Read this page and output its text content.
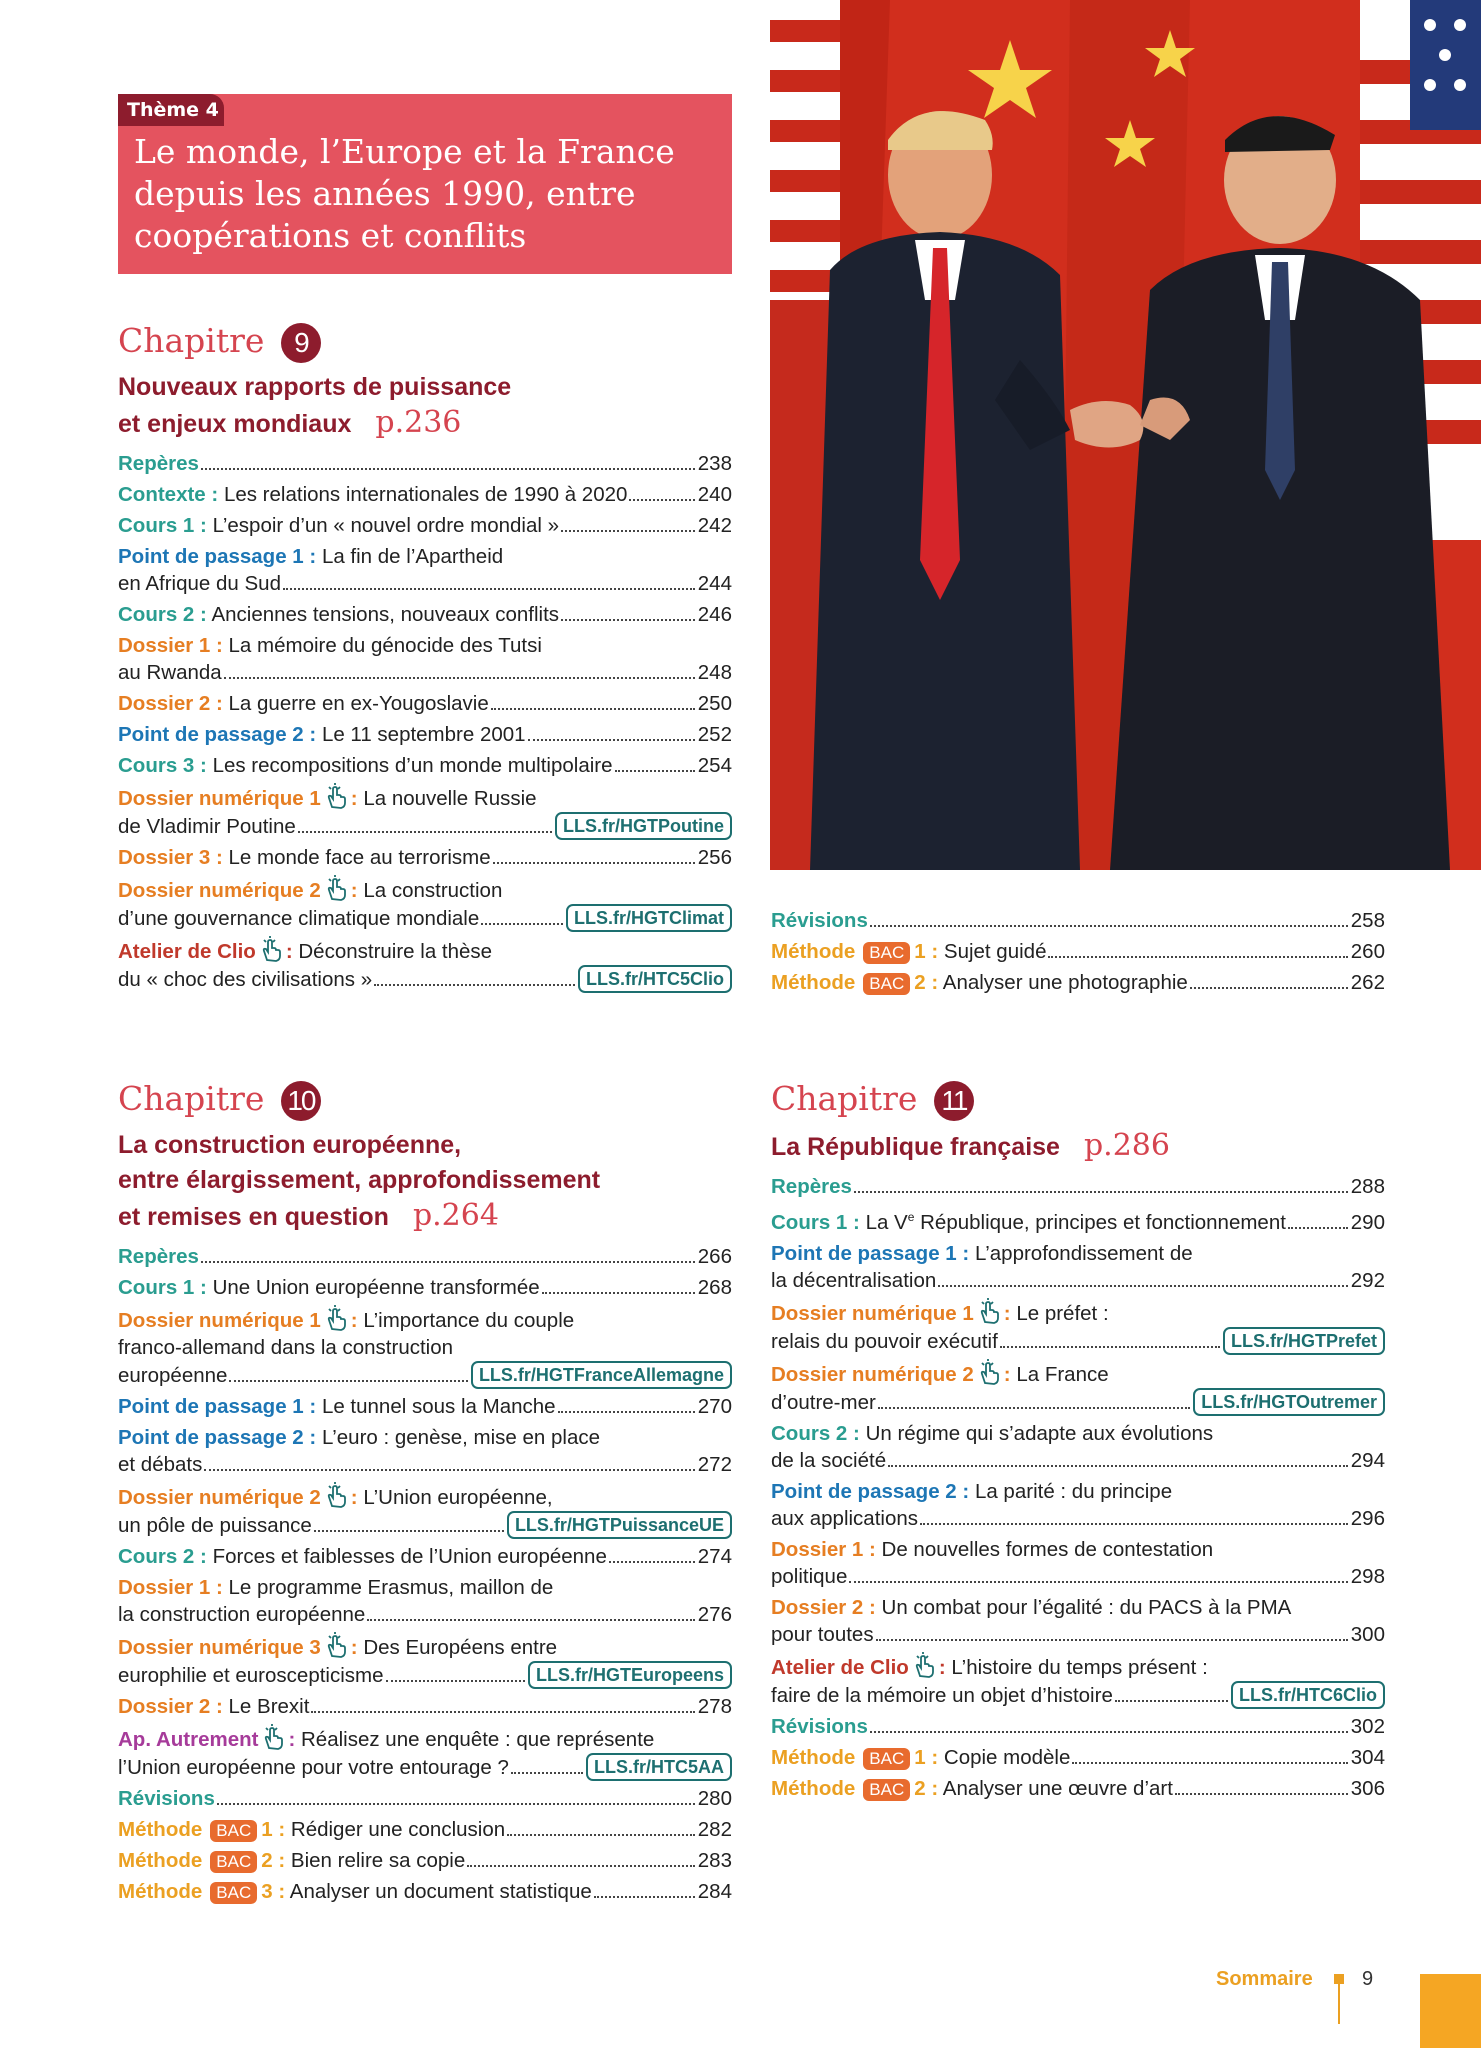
Thème 4
Le monde, l’Europe et la France depuis les années 1990, entre coopérations et conflits
Chapitre 9
Nouveaux rapports de puissance
et enjeux mondiaux p.236
Repères	238
Contexte : Les relations internationales de 1990 à 2020	240
Cours 1 : L’espoir d’un « nouvel ordre mondial »	242
Point de passage 1 : La fin de l’Apartheid
en Afrique du Sud	244
Cours 2 : Anciennes tensions, nouveaux conflits	246
Dossier 1 : La mémoire du génocide des Tutsi
au Rwanda	248
Dossier 2 : La guerre en ex-Yougoslavie	250
Point de passage 2 : Le 11 septembre 2001	252
Cours 3 : Les recompositions d’un monde multipolaire	254
Dossier numérique 1 : La nouvelle Russie
de Vladimir Poutine	LLS.fr/HGTPoutine
Dossier 3 : Le monde face au terrorisme	256
Dossier numérique 2 : La construction
d’une gouvernance climatique mondiale	LLS.fr/HGTClimat
Atelier de Clio : Déconstruire la thèse
du « choc des civilisations »	LLS.fr/HTC5Clio
Révisions	258
Méthode BAC 1 : Sujet guidé	260
Méthode BAC 2 : Analyser une photographie	262
Chapitre 10
La construction européenne,
entre élargissement, approfondissement
et remises en question p.264
Repères	266
Cours 1 : Une Union européenne transformée	268
Dossier numérique 1 : L’importance du couple
franco-allemand dans la construction
européenne	LLS.fr/HGTFranceAllemagne
Point de passage 1 : Le tunnel sous la Manche	270
Point de passage 2 : L’euro : genèse, mise en place
et débats	272
Dossier numérique 2 : L’Union européenne,
un pôle de puissance	LLS.fr/HGTPuissanceUE
Cours 2 : Forces et faiblesses de l’Union européenne	274
Dossier 1 : Le programme Erasmus, maillon de
la construction européenne	276
Dossier numérique 3 : Des Européens entre
europhilie et euroscepticisme	LLS.fr/HGTEuropeens
Dossier 2 : Le Brexit	278
Ap. Autrement : Réalisez une enquête : que représente
l’Union européenne pour votre entourage ?	LLS.fr/HTC5AA
Révisions	280
Méthode BAC 1 : Rédiger une conclusion	282
Méthode BAC 2 : Bien relire sa copie	283
Méthode BAC 3 : Analyser un document statistique	284
Chapitre 11
La République française p.286
Repères	288
Cours 1 : La Ve République, principes et fonctionnement	290
Point de passage 1 : L’approfondissement de
la décentralisation	292
Dossier numérique 1 : Le préfet :
relais du pouvoir exécutif	LLS.fr/HGTPrefet
Dossier numérique 2 : La France
d’outre-mer	LLS.fr/HGTOutremer
Cours 2 : Un régime qui s’adapte aux évolutions
de la société	294
Point de passage 2 : La parité : du principe
aux applications	296
Dossier 1 : De nouvelles formes de contestation
politique	298
Dossier 2 : Un combat pour l’égalité : du PACS à la PMA
pour toutes	300
Atelier de Clio : L’histoire du temps présent :
faire de la mémoire un objet d’histoire	LLS.fr/HTC6Clio
Révisions	302
Méthode BAC 1 : Copie modèle	304
Méthode BAC 2 : Analyser une œuvre d’art	306
Sommaire 9
